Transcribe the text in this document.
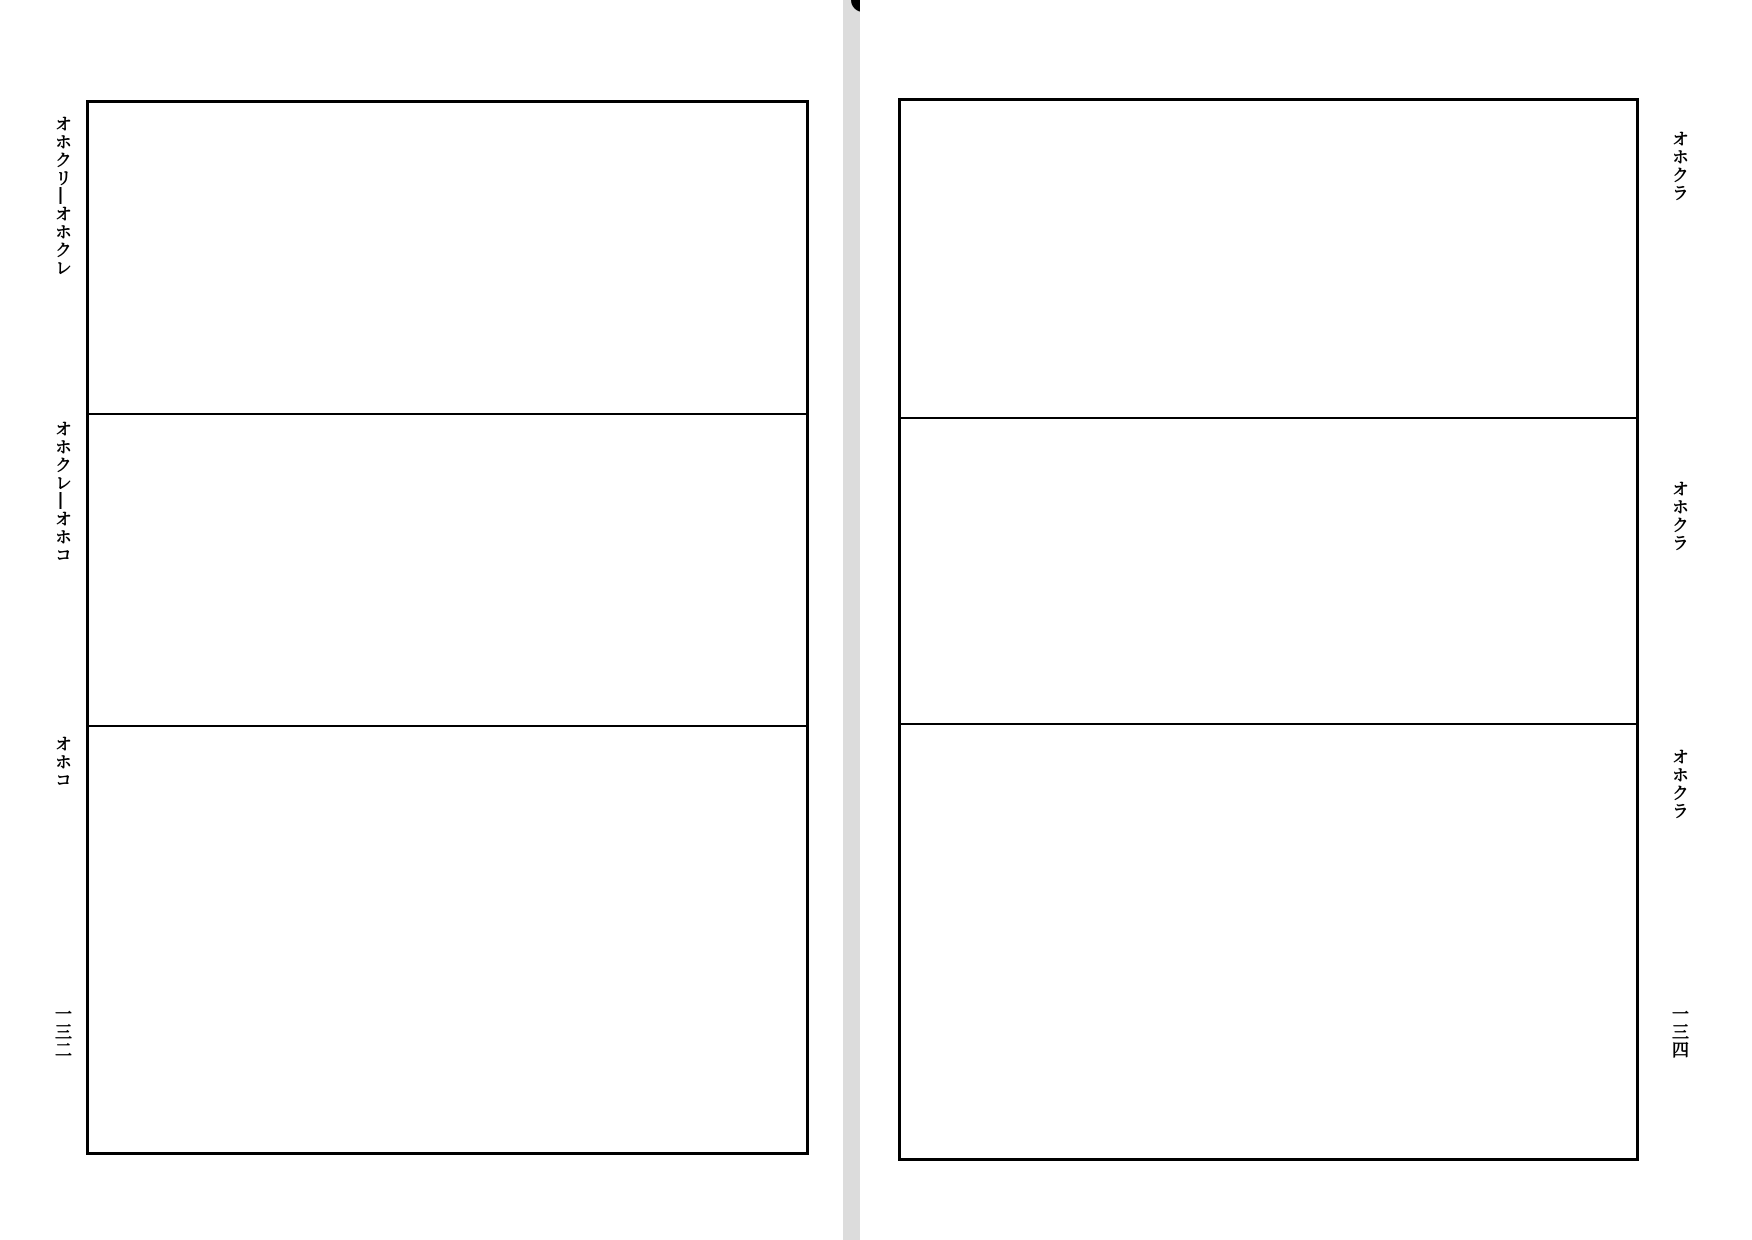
オホクリ―オホクレ
オホクレ―オホコ
オホコ
一三二
オホクラ
オホクラ
オホクラ
一三四
